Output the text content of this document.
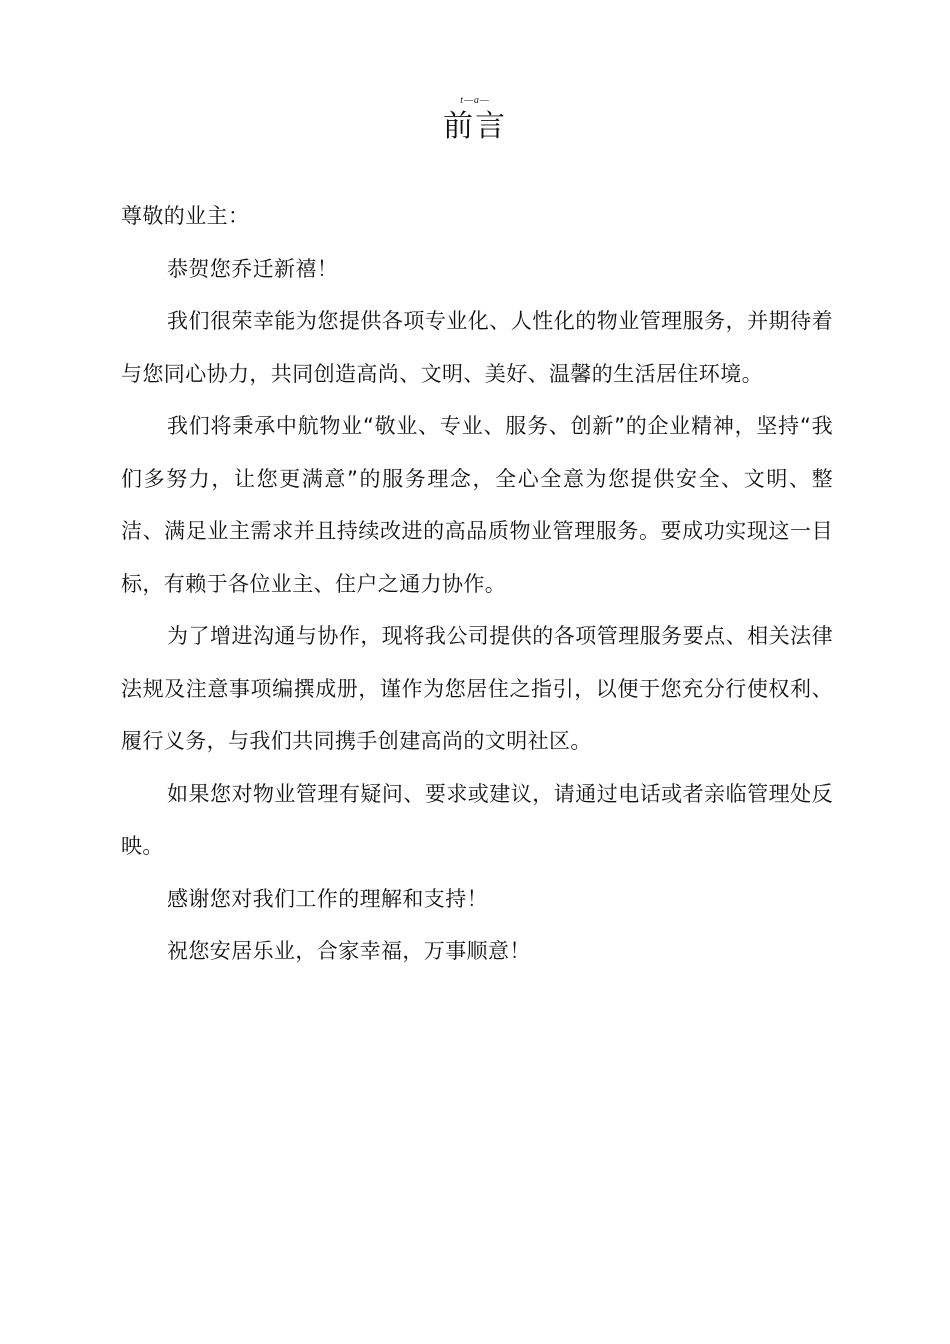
t—a—
前言

尊敬的业主：

恭贺您乔迁新禧！

我们很荣幸能为您提供各项专业化、人性化的物业管理服务，并期待着与您同心协力，共同创造高尚、文明、美好、温馨的生活居住环境。

我们将秉承中航物业“敬业、专业、服务、创新”的企业精神，坚持“我们多努力，让您更满意”的服务理念，全心全意为您提供安全、文明、整洁、满足业主需求并且持续改进的高品质物业管理服务。要成功实现这一目标，有赖于各位业主、住户之通力协作。

为了增进沟通与协作，现将我公司提供的各项管理服务要点、相关法律法规及注意事项编撰成册，谨作为您居住之指引，以便于您充分行使权利、履行义务，与我们共同携手创建高尚的文明社区。

如果您对物业管理有疑问、要求或建议，请通过电话或者亲临管理处反映。

感谢您对我们工作的理解和支持！

祝您安居乐业，合家幸福，万事顺意！
